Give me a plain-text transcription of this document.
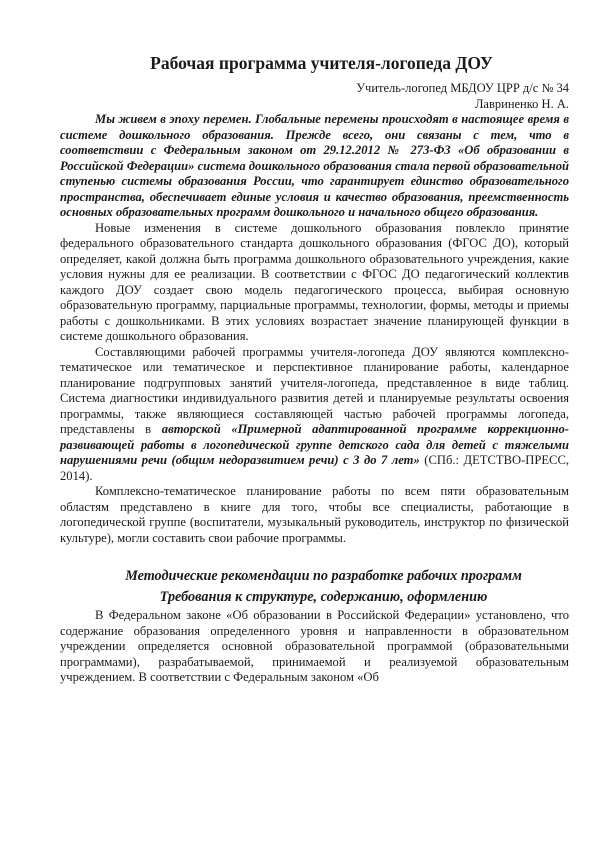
Рабочая программа учителя-логопеда ДОУ
Учитель-логопед МБДОУ ЦРР д/с № 34
Лавриненко Н. А.

Мы живем в эпоху перемен. Глобальные перемены происходят в настоящее время в системе дошкольного образования. Прежде всего, они связаны с тем, что в соответствии с Федеральным законом от 29.12.2012 № 273-ФЗ «Об образовании в Российской Федерации» система дошкольного образования стала первой образовательной ступенью системы образования России, что гарантирует единство образовательного пространства, обеспечивает единые условия и качество образования, преемственность основных образовательных программ дошкольного и начального общего образования.

Новые изменения в системе дошкольного образования повлекло принятие федерального образовательного стандарта дошкольного образования (ФГОС ДО), который определяет, какой должна быть программа дошкольного образовательного учреждения, какие условия нужны для ее реализации. В соответствии с ФГОС ДО педагогический коллектив каждого ДОУ создает свою модель педагогического процесса, выбирая основную образовательную программу, парциальные программы, технологии, формы, методы и приемы работы с дошкольниками. В этих условиях возрастает значение планирующей функции в системе дошкольного образования.

Составляющими рабочей программы учителя-логопеда ДОУ являются комплексно-тематическое или тематическое и перспективное планирование работы, календарное планирование подгрупповых занятий учителя-логопеда, представленное в виде таблиц. Система диагностики индивидуального развития детей и планируемые результаты освоения программы, также являющиеся составляющей частью рабочей программы логопеда, представлены в авторской «Примерной адаптированной программе коррекционно-развивающей работы в логопедической группе детского сада для детей с тяжелыми нарушениями речи (общим недоразвитием речи) с 3 до 7 лет» (СПб.: ДЕТСТВО-ПРЕСС, 2014).

Комплексно-тематическое планирование работы по всем пяти образовательным областям представлено в книге для того, чтобы все специалисты, работающие в логопедической группе (воспитатели, музыкальный руководитель, инструктор по физической культуре), могли составить свои рабочие программы.

Методические рекомендации по разработке рабочих программ
Требования к структуре, содержанию, оформлению

В Федеральном законе «Об образовании в Российской Федерации» установлено, что содержание образования определенного уровня и направленности в образовательном учреждении определяется основной образовательной программой (образовательными программами), разрабатываемой, принимаемой и реализуемой образовательным учреждением. В соответствии с Федеральным законом «Об
